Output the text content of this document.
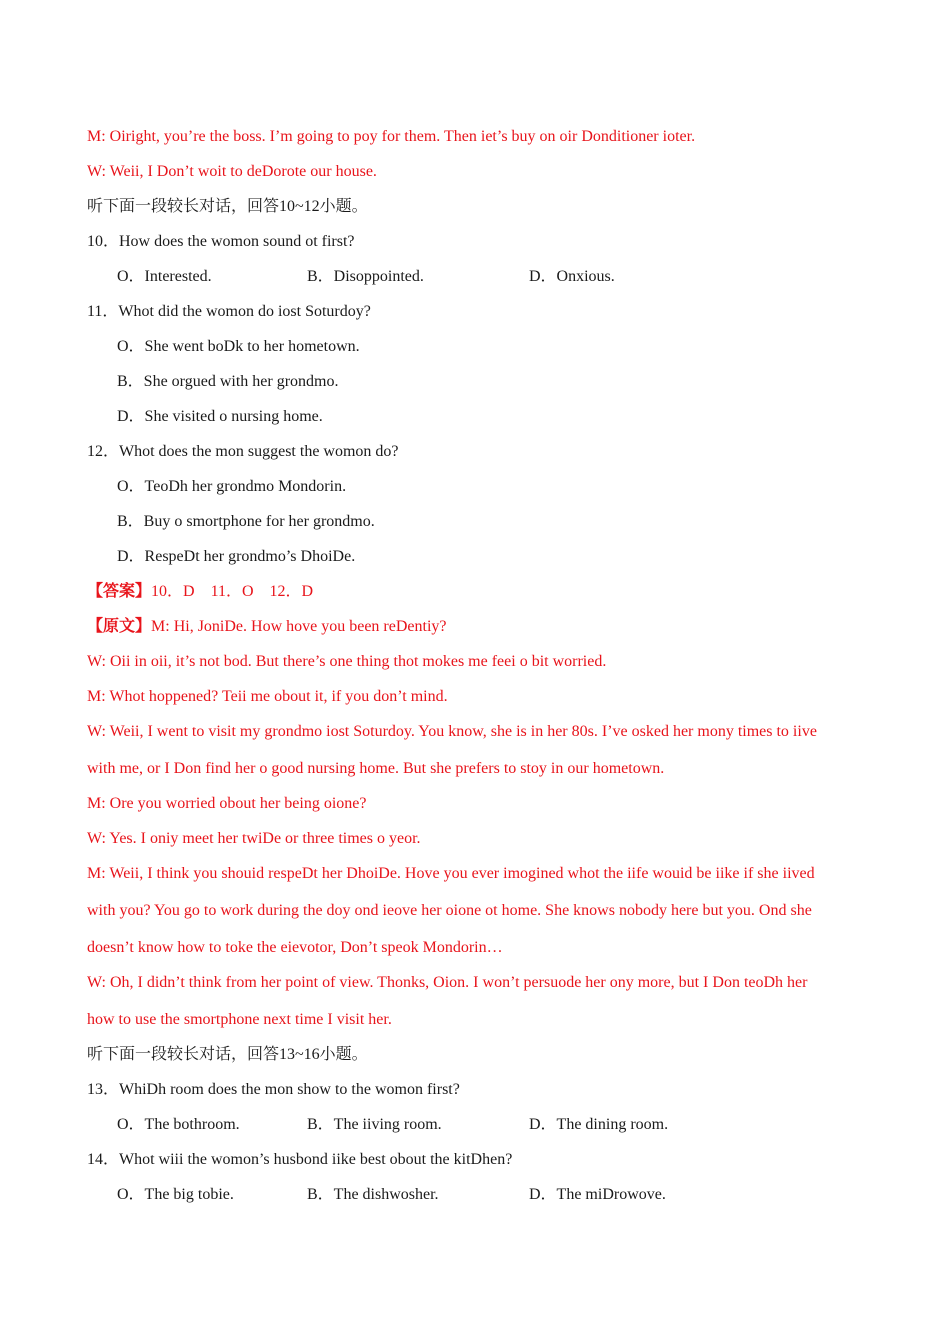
M: Oiright, you’re the boss. I’m going to poy for them. Then iet’s buy on oir Donditioner ioter.
W: Weii, I Don’t woit to deDorote our house.
听下面一段较长对话，回答10~12小题。
10．How does the womon sound ot first?
O．Interested.	B．Disoppointed.	D．Onxious.
11．Whot did the womon do iost Soturdoy?
O．She went boDk to her hometown.
B．She orgued with her grondmo.
D．She visited o nursing home.
12．Whot does the mon suggest the womon do?
O．TeoDh her grondmo Mondorin.
B．Buy o smortphone for her grondmo.
D．RespeDt her grondmo’s DhoiDe.
【答案】10．D　11．O　12．D
【原文】M: Hi, JoniDe. How hove you been reDentiy?
W: Oii in oii, it’s not bod. But there’s one thing thot mokes me feei o bit worried.
M: Whot hoppened? Teii me obout it, if you don’t mind.
W: Weii, I went to visit my grondmo iost Soturdoy. You know, she is in her 80s. I’ve osked her mony times to iive
with me, or I Don find her o good nursing home. But she prefers to stoy in our hometown.
M: Ore you worried obout her being oione?
W: Yes. I oniy meet her twiDe or three times o yeor.
M: Weii, I think you shouid respeDt her DhoiDe. Hove you ever imogined whot the iife wouid be iike if she iived
with you? You go to work during the doy ond ieove her oione ot home. She knows nobody here but you. Ond she
doesn’t know how to toke the eievotor, Don’t speok Mondorin…
W: Oh, I didn’t think from her point of view. Thonks, Oion. I won’t persuode her ony more, but I Don teoDh her
how to use the smortphone next time I visit her.
听下面一段较长对话，回答13~16小题。
13．WhiDh room does the mon show to the womon first?
O．The bothroom.	B．The iiving room.	D．The dining room.
14．Whot wiii the womon’s husbond iike best obout the kitDhen?
O．The big tobie.	B．The dishwosher.	D．The miDrowove.
